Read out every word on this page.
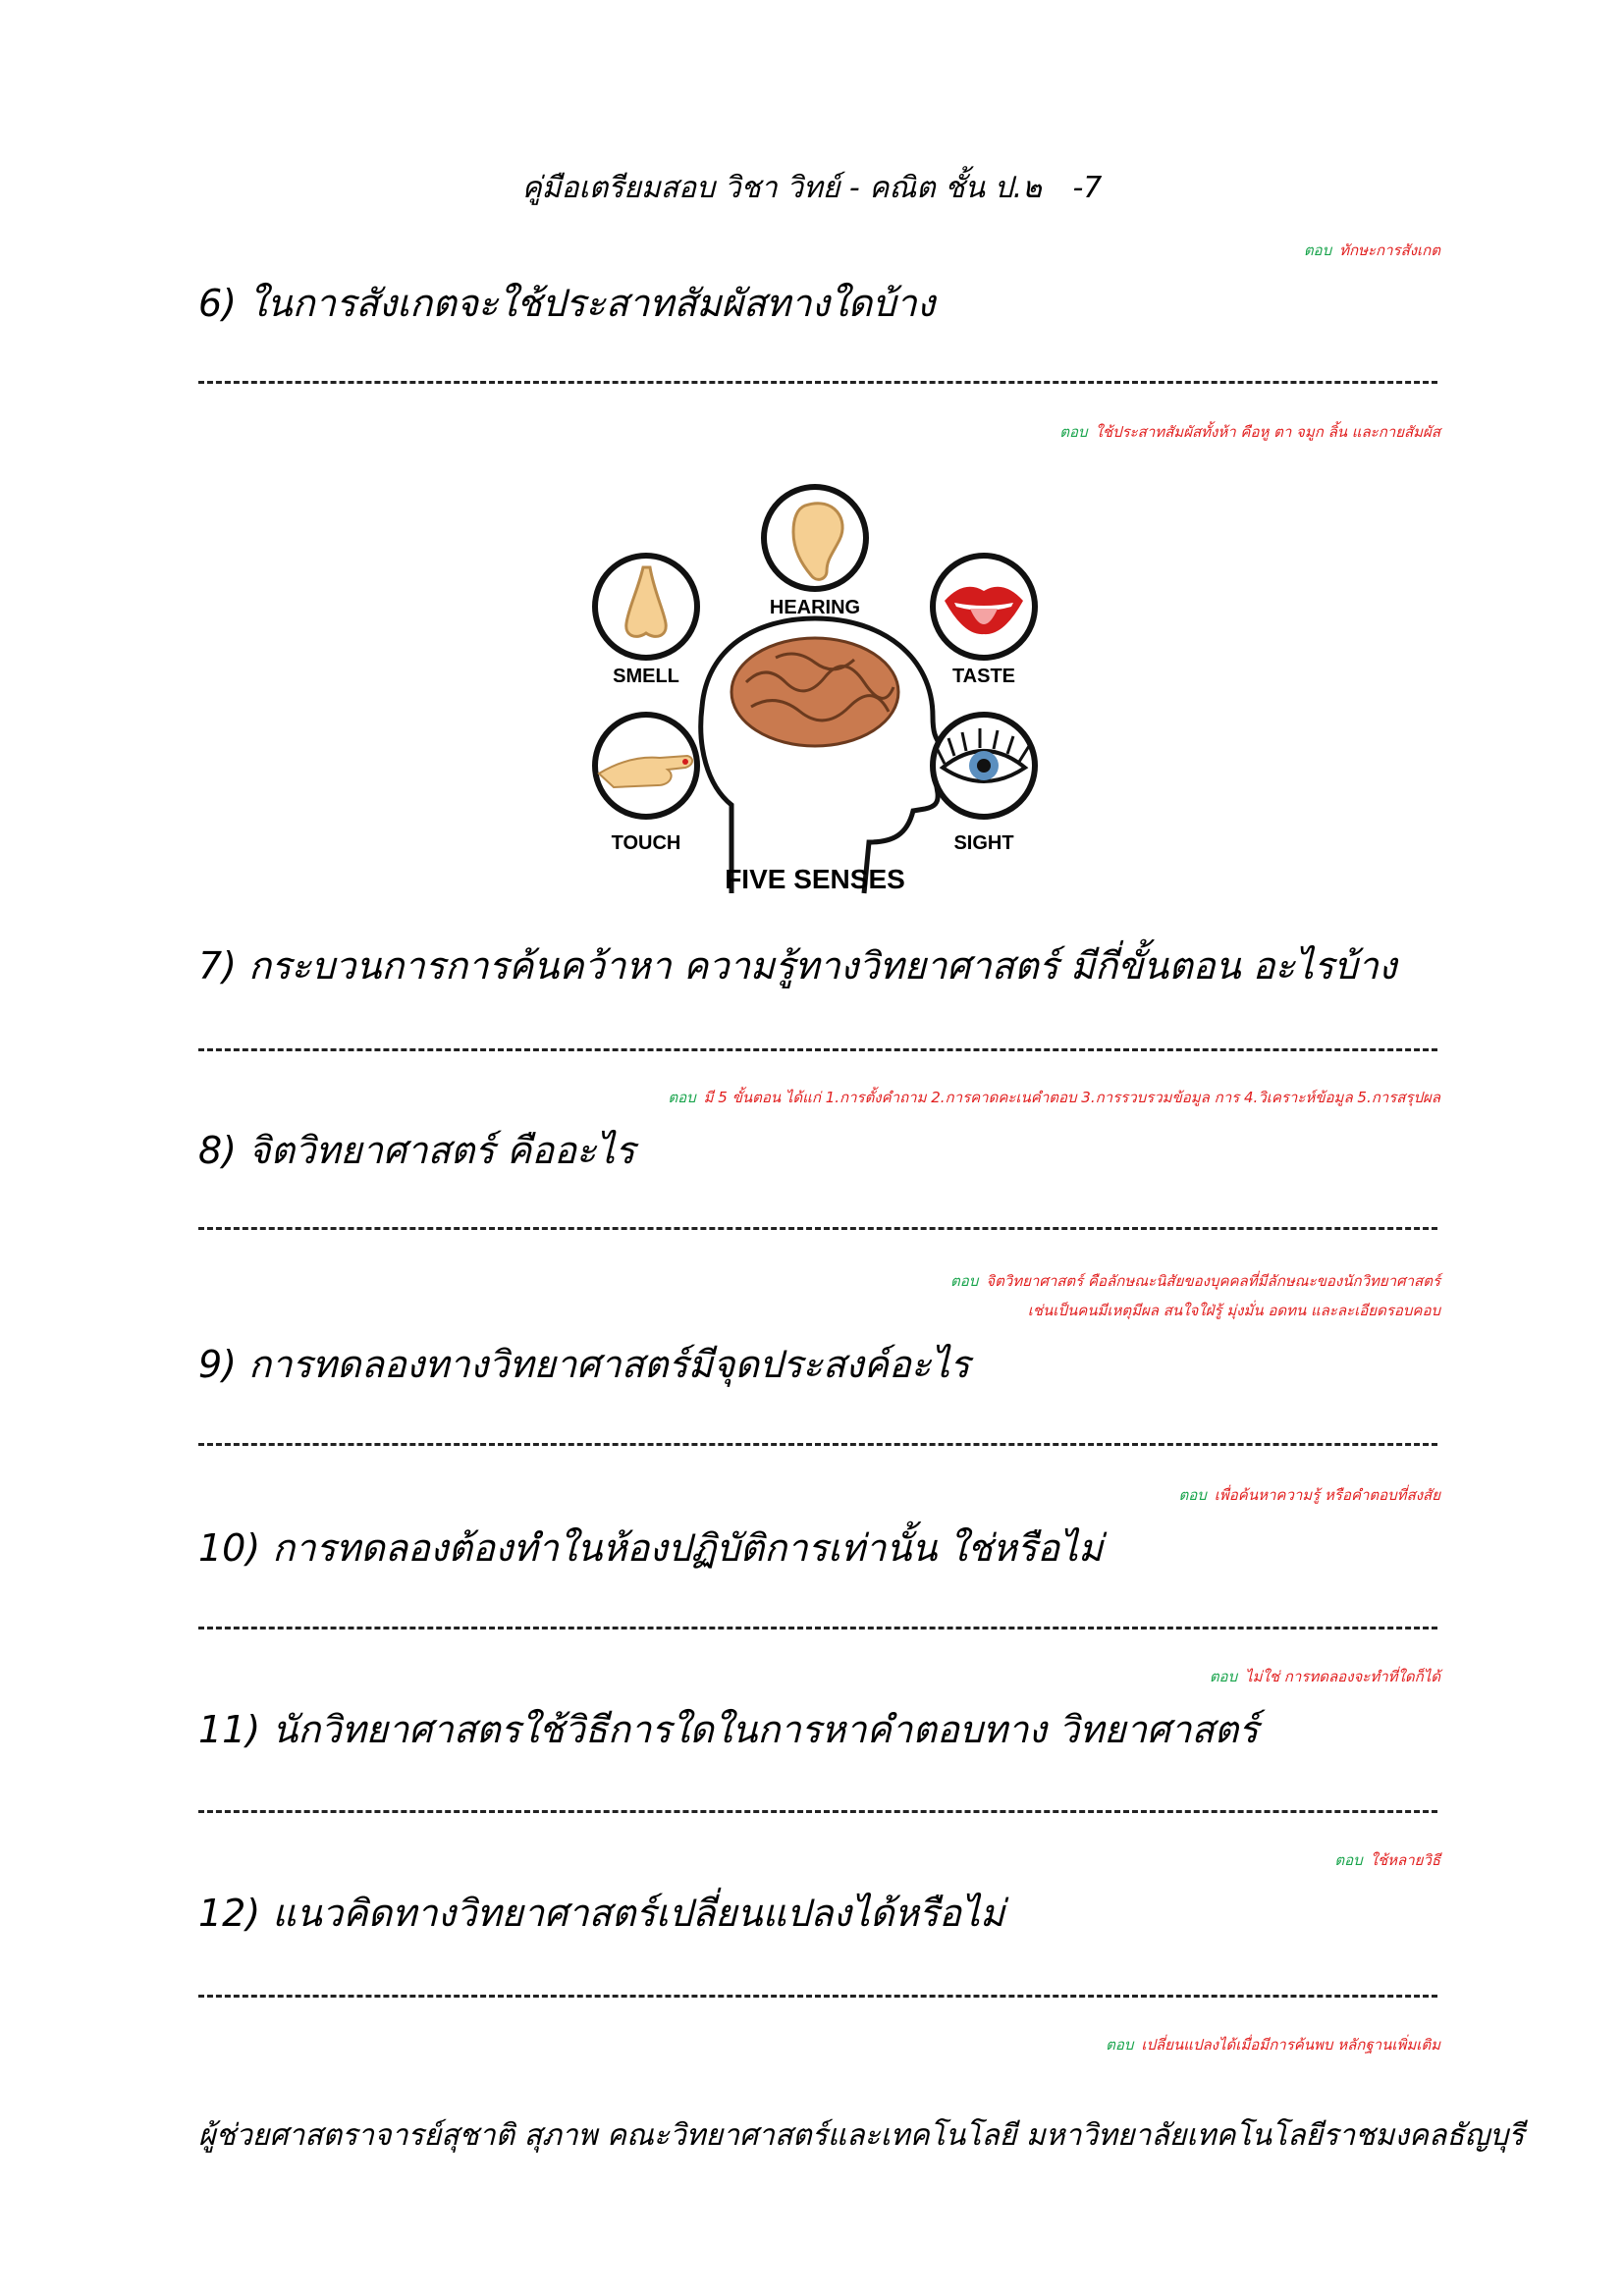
คู่มือเตรียมสอบ วิชา วิทย์ - คณิต ชั้น ป.๒ -7
ตอบ ทักษะการสังเกต
6) ในการสังเกตจะใช้ประสาทสัมผัสทางใดบ้าง
ตอบ ใช้ประสาทสัมผัสทั้งห้า คือหู ตา จมูก ลิ้น และกายสัมผัส
HEARING
SMELL	TASTE
TOUCH	SIGHT
FIVE SENSES
7) กระบวนการการค้นคว้าหา ความรู้ทางวิทยาศาสตร์ มีกี่ขั้นตอน อะไรบ้าง
ตอบ มี 5 ขั้นตอน ได้แก่ 1.การตั้งคำถาม 2.การคาดคะเนคำตอบ 3.การรวบรวมข้อมูล การ 4.วิเคราะห์ข้อมูล 5.การสรุปผล
8) จิตวิทยาศาสตร์ คืออะไร
ตอบ จิตวิทยาศาสตร์ คือลักษณะนิสัยของบุคคลที่มีลักษณะของนักวิทยาศาสตร์
เช่นเป็นคนมีเหตุมีผล สนใจใฝ่รู้ มุ่งมั่น อดทน และละเอียดรอบคอบ
9) การทดลองทางวิทยาศาสตร์มีจุดประสงค์อะไร
ตอบ เพื่อค้นหาความรู้ หรือคำตอบที่สงสัย
10) การทดลองต้องทำในห้องปฏิบัติการเท่านั้น ใช่หรือไม่
ตอบ ไม่ใช่ การทดลองจะทำที่ใดก็ได้
11) นักวิทยาศาสตรใช้วิธีการใดในการหาคำตอบทาง วิทยาศาสตร์
ตอบ ใช้หลายวิธี
12) แนวคิดทางวิทยาศาสตร์เปลี่ยนแปลงได้หรือไม่
ตอบ เปลี่ยนแปลงได้เมื่อมีการค้นพบ หลักฐานเพิ่มเติม
ผู้ช่วยศาสตราจารย์สุชาติ สุภาพ คณะวิทยาศาสตร์และเทคโนโลยี มหาวิทยาลัยเทคโนโลยีราชมงคลธัญบุรี
